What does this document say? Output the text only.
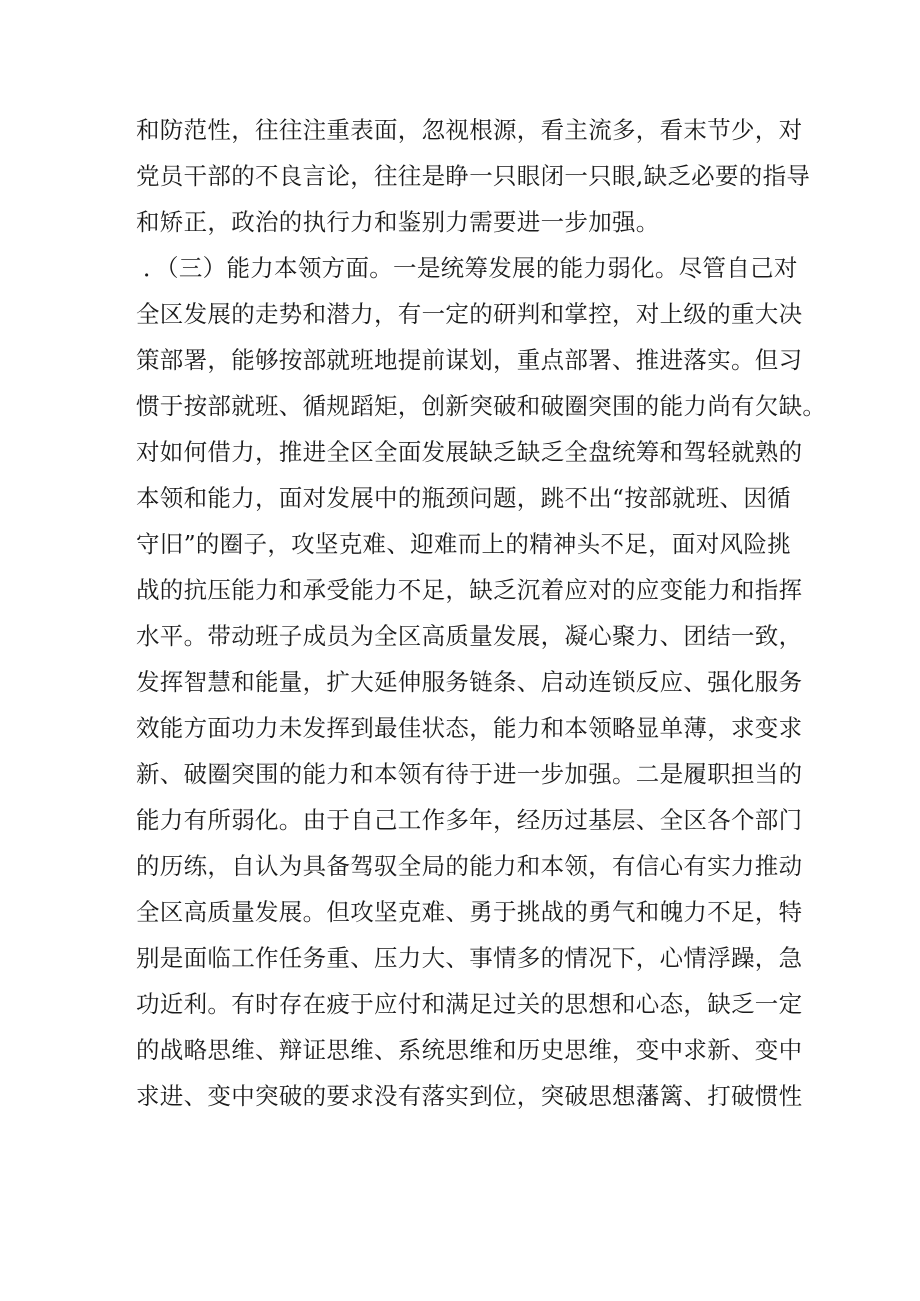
和防范性，往往注重表面，忽视根源，看主流多，看末节少，对
党员干部的不良言论，往往是睁一只眼闭一只眼,缺乏必要的指导
和矫正，政治的执行力和鉴别力需要进一步加强。
．（三）能力本领方面。一是统筹发展的能力弱化。尽管自己对
全区发展的走势和潜力，有一定的研判和掌控，对上级的重大决
策部署，能够按部就班地提前谋划，重点部署、推进落实。但习
惯于按部就班、循规蹈矩，创新突破和破圈突围的能力尚有欠缺。
对如何借力，推进全区全面发展缺乏缺乏全盘统筹和驾轻就熟的
本领和能力，面对发展中的瓶颈问题，跳不出“按部就班、因循
守旧”的圈子，攻坚克难、迎难而上的精神头不足，面对风险挑
战的抗压能力和承受能力不足，缺乏沉着应对的应变能力和指挥
水平。带动班子成员为全区高质量发展，凝心聚力、团结一致，
发挥智慧和能量，扩大延伸服务链条、启动连锁反应、强化服务
效能方面功力未发挥到最佳状态，能力和本领略显单薄，求变求
新、破圈突围的能力和本领有待于进一步加强。二是履职担当的
能力有所弱化。由于自己工作多年，经历过基层、全区各个部门
的历练，自认为具备驾驭全局的能力和本领，有信心有实力推动
全区高质量发展。但攻坚克难、勇于挑战的勇气和魄力不足，特
别是面临工作任务重、压力大、事情多的情况下，心情浮躁，急
功近利。有时存在疲于应付和满足过关的思想和心态，缺乏一定
的战略思维、辩证思维、系统思维和历史思维，变中求新、变中
求进、变中突破的要求没有落实到位，突破思想藩篱、打破惯性
